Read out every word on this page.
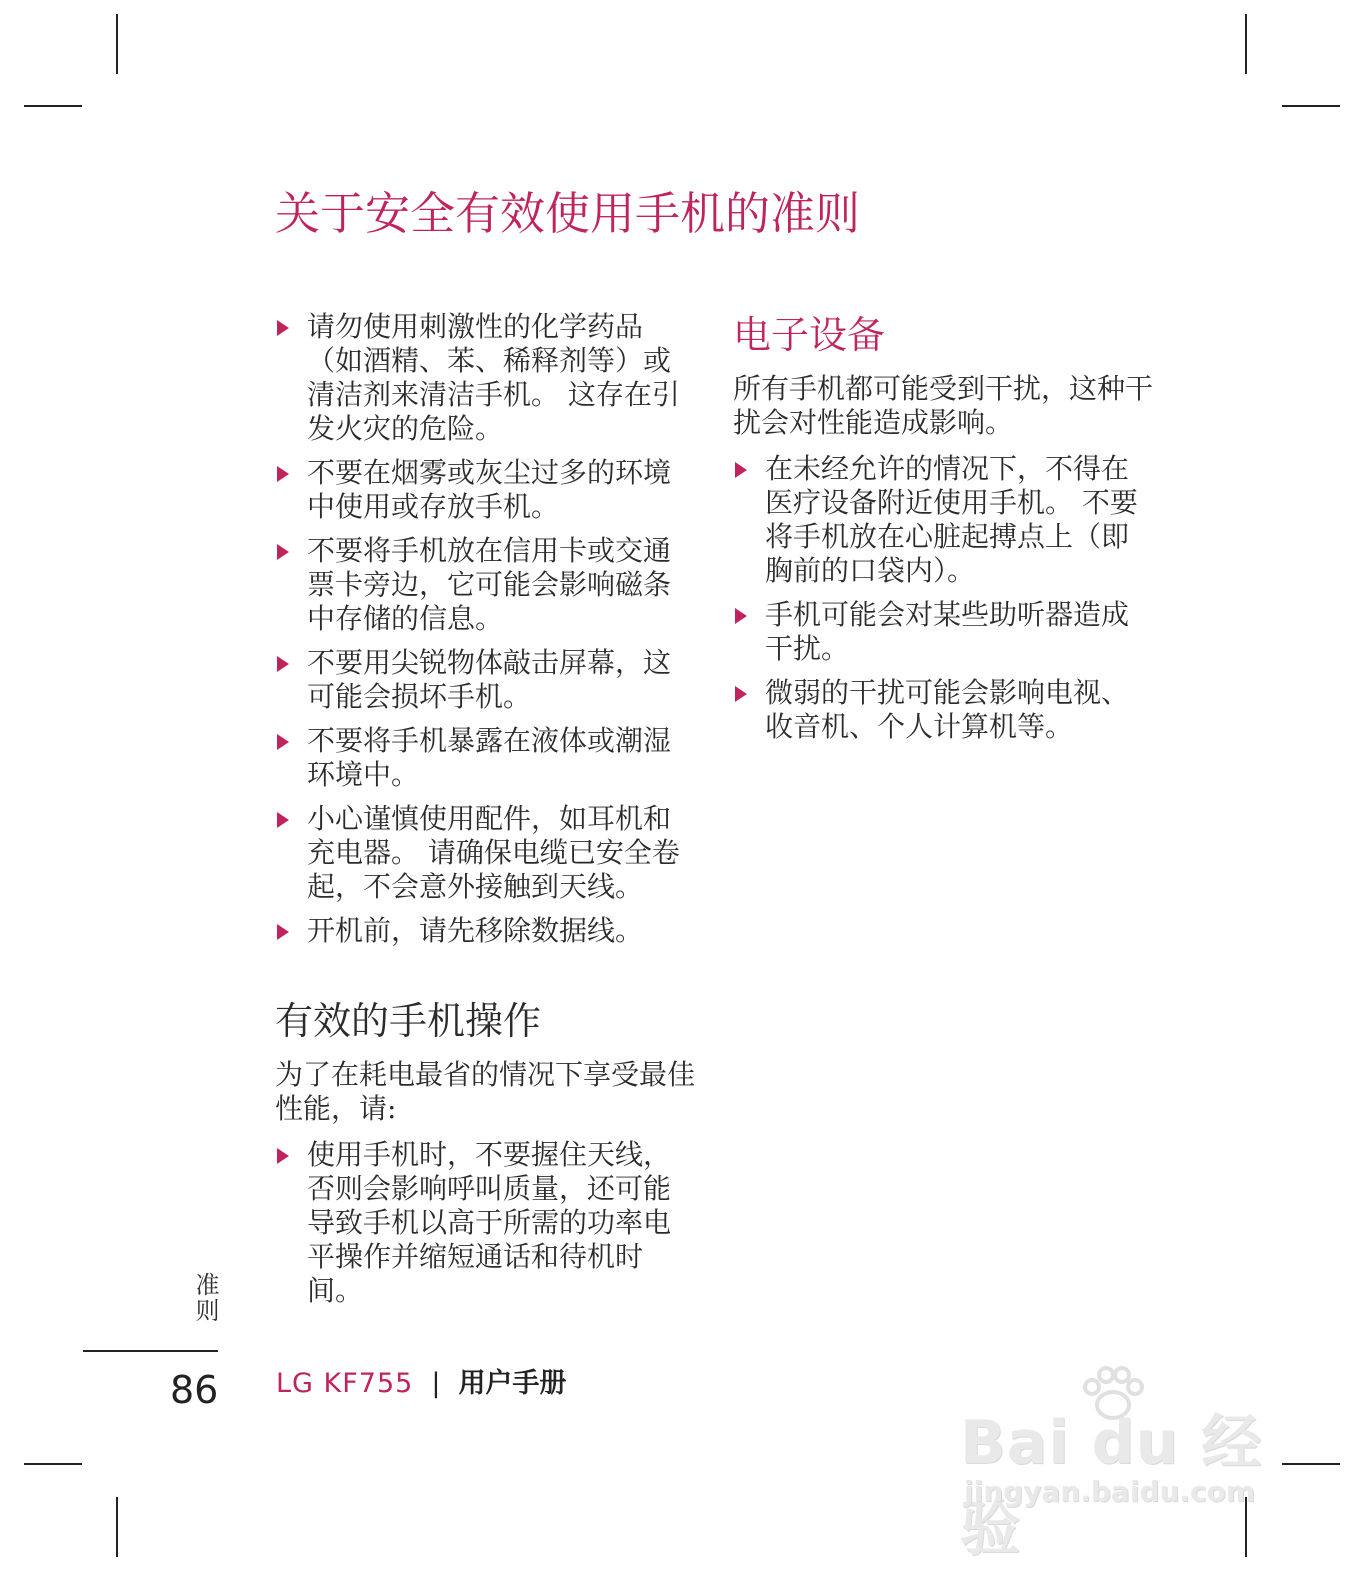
关于安全有效使用手机的准则
请勿使用刺激性的化学药品（如酒精、苯、稀释剂等）或清洁剂来清洁手机。 这存在引发火灾的危险。
不要在烟雾或灰尘过多的环境中使用或存放手机。
不要将手机放在信用卡或交通票卡旁边，它可能会影响磁条中存储的信息。
不要用尖锐物体敲击屏幕，这可能会损坏手机。
不要将手机暴露在液体或潮湿环境中。
小心谨慎使用配件，如耳机和充电器。 请确保电缆已安全卷起，不会意外接触到天线。
开机前，请先移除数据线。
有效的手机操作

为了在耗电最省的情况下享受最佳性能，请:

使用手机时，不要握住天线，否则会影响呼叫质量，还可能导致手机以高于所需的功率电平操作并缩短通话和待机时间。
电子设备

所有手机都可能受到干扰，这种干扰会对性能造成影响。

在未经允许的情况下，不得在医疗设备附近使用手机。 不要将手机放在心脏起搏点上（即胸前的口袋内）。
手机可能会对某些助听器造成干扰。
微弱的干扰可能会影响电视、收音机、个人计算机等。
准则
86 LG KF755 | 用户手册
Bai du 经验
jingyan.baidu.com
